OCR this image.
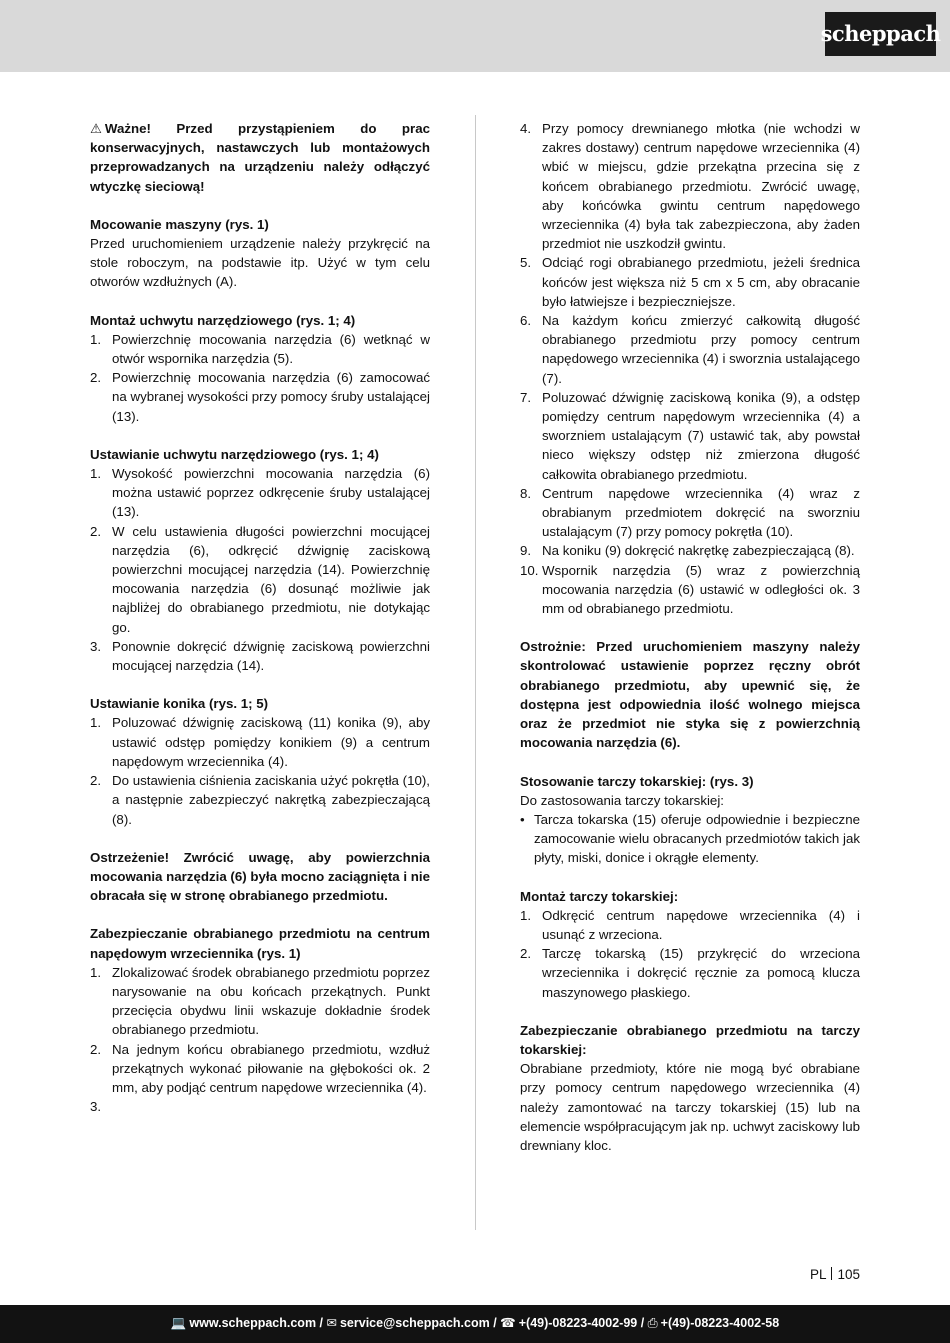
scheppach

⚠ Ważne! Przed przystąpieniem do prac konserwacyjnych, nastawczych lub montażowych przeprowadzanych na urządzeniu należy odłączyć wtyczkę sieciową!

Mocowanie maszyny (rys. 1)

Przed uruchomieniem urządzenie należy przykręcić na stole roboczym, na podstawie itp. Użyć w tym celu otworów wzdłużnych (A).

Montaż uchwytu narzędziowego (rys. 1; 4)

1. Powierzchnię mocowania narzędzia (6) wetknąć w otwór wspornika narzędzia (5).
2. Powierzchnię mocowania narzędzia (6) zamocować na wybranej wysokości przy pomocy śruby ustalającej (13).

Ustawianie uchwytu narzędziowego (rys. 1; 4)

1. Wysokość powierzchni mocowania narzędzia (6) można ustawić poprzez odkręcenie śruby ustalającej (13).
2. W celu ustawienia długości powierzchni mocującej narzędzia (6), odkręcić dźwignię zaciskową powierzchni mocującej narzędzia (14). Powierzchnię mocowania narzędzia (6) dosunąć możliwie jak najbliżej do obrabianego przedmiotu, nie dotykając go.
3. Ponownie dokręcić dźwignię zaciskową powierzchni mocującej narzędzia (14).

Ustawianie konika (rys. 1; 5)

1. Poluzować dźwignię zaciskową (11) konika (9), aby ustawić odstęp pomiędzy konikiem (9) a centrum napędowym wrzeciennika (4).
2. Do ustawienia ciśnienia zaciskania użyć pokrętła (10), a następnie zabezpieczyć nakrętką zabezpieczającą (8).

Ostrzeżenie! Zwrócić uwagę, aby powierzchnia mocowania narzędzia (6) była mocno zaciągnięta i nie obracała się w stronę obrabianego przedmiotu.

Zabezpieczanie obrabianego przedmiotu na centrum napędowym wrzeciennika (rys. 1)

1. Zlokalizować środek obrabianego przedmiotu poprzez narysowanie na obu końcach przekątnych. Punkt przecięcia obydwu linii wskazuje dokładnie środek obrabianego przedmiotu.
2. Na jednym końcu obrabianego przedmiotu, wzdłuż przekątnych wykonać piłowanie na głębokości ok. 2 mm, aby podjąć centrum napędowe wrzeciennika (4).
3.

4. Przy pomocy drewnianego młotka (nie wchodzi w zakres dostawy) centrum napędowe wrzeciennika (4) wbić w miejscu, gdzie przekątna przecina się z końcem obrabianego przedmiotu. Zwrócić uwagę, aby końcówka gwintu centrum napędowego wrzeciennika (4) była tak zabezpieczona, aby żaden przedmiot nie uszkodził gwintu.
5. Odciąć rogi obrabianego przedmiotu, jeżeli średnica końców jest większa niż 5 cm x 5 cm, aby obracanie było łatwiejsze i bezpieczniejsze.
6. Na każdym końcu zmierzyć całkowitą długość obrabianego przedmiotu przy pomocy centrum napędowego wrzeciennika (4) i sworznia ustalającego (7).
7. Poluzować dźwignię zaciskową konika (9), a odstęp pomiędzy centrum napędowym wrzeciennika (4) a sworzniem ustalającym (7) ustawić tak, aby powstał nieco większy odstęp niż zmierzona długość całkowita obrabianego przedmiotu.
8. Centrum napędowe wrzeciennika (4) wraz z obrabianym przedmiotem dokręcić na sworzniu ustalającym (7) przy pomocy pokrętła (10).
9. Na koniku (9) dokręcić nakrętkę zabezpieczającą (8).
10. Wspornik narzędzia (5) wraz z powierzchnią mocowania narzędzia (6) ustawić w odległości ok. 3 mm od obrabianego przedmiotu.

Ostrożnie: Przed uruchomieniem maszyny należy skontrolować ustawienie poprzez ręczny obrót obrabianego przedmiotu, aby upewnić się, że dostępna jest odpowiednia ilość wolnego miejsca oraz że przedmiot nie styka się z powierzchnią mocowania narzędzia (6).

Stosowanie tarczy tokarskiej: (rys. 3)

Do zastosowania tarczy tokarskiej:

• Tarcza tokarska (15) oferuje odpowiednie i bezpieczne zamocowanie wielu obracanych przedmiotów takich jak płyty, miski, donice i okrągłe elementy.

Montaż tarczy tokarskiej:

1. Odkręcić centrum napędowe wrzeciennika (4) i usunąć z wrzeciona.
2. Tarczę tokarską (15) przykręcić do wrzeciona wrzeciennika i dokręcić ręcznie za pomocą klucza maszynowego płaskiego.

Zabezpieczanie obrabianego przedmiotu na tarczy tokarskiej:

Obrabiane przedmioty, które nie mogą być obrabiane przy pomocy centrum napędowego wrzeciennika (4) należy zamontować na tarczy tokarskiej (15) lub na elemencie współpracującym jak np. uchwyt zaciskowy lub drewniany kloc.

PL 105
💻 www.scheppach.com / ✉ service@scheppach.com / ☎ +(49)-08223-4002-99 / ⎙ +(49)-08223-4002-58
